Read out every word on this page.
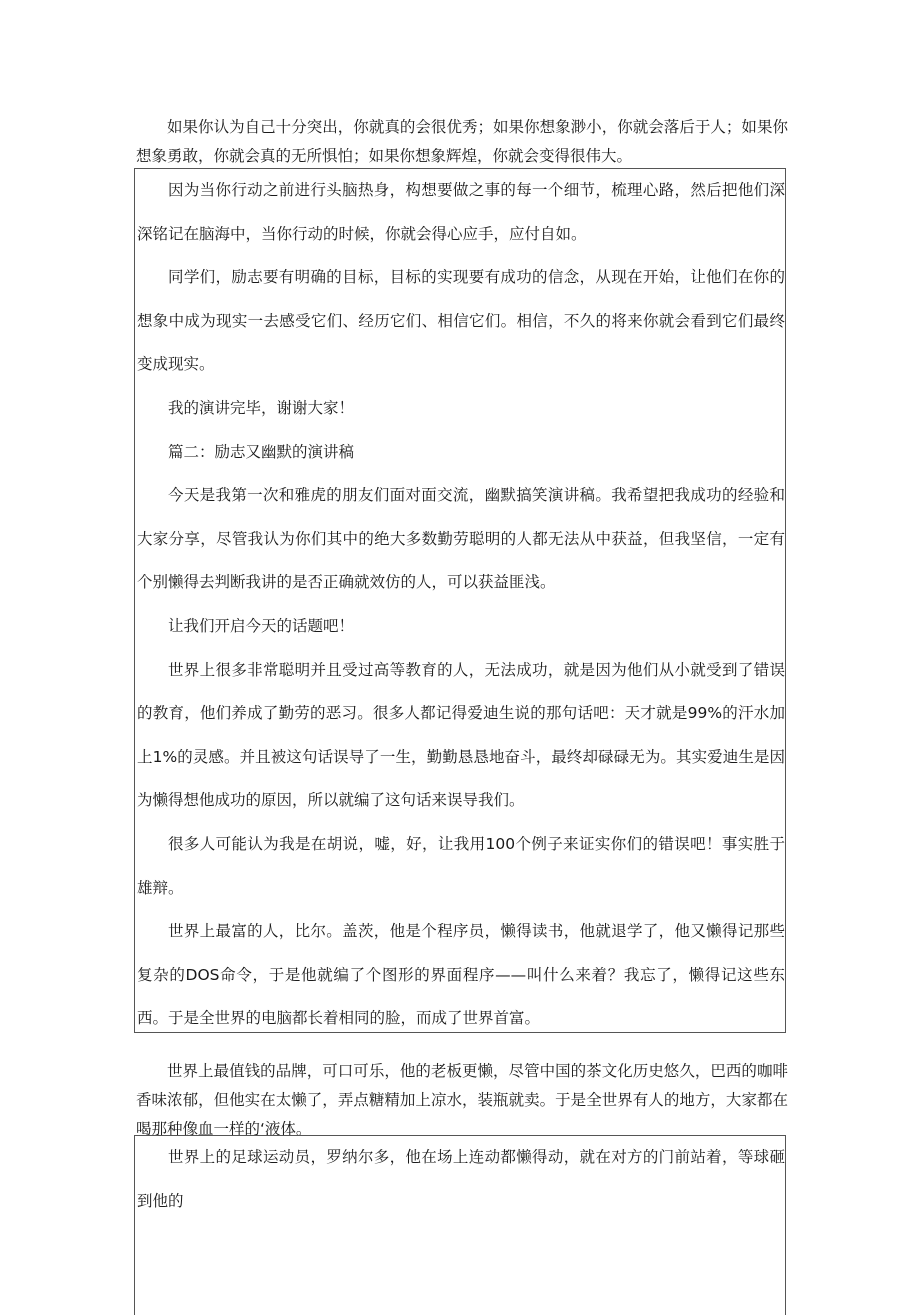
如果你认为自己十分突出，你就真的会很优秀；如果你想象渺小，你就会落后于人；如果你想象勇敢，你就会真的无所惧怕；如果你想象辉煌，你就会变得很伟大。

因为当你行动之前进行头脑热身，构想要做之事的每一个细节，梳理心路，然后把他们深深铭记在脑海中，当你行动的时候，你就会得心应手，应付自如。

同学们，励志要有明确的目标，目标的实现要有成功的信念，从现在开始，让他们在你的想象中成为现实一去感受它们、经历它们、相信它们。相信，不久的将来你就会看到它们最终变成现实。

我的演讲完毕，谢谢大家！

篇二：励志又幽默的演讲稿

今天是我第一次和雅虎的朋友们面对面交流，幽默搞笑演讲稿。我希望把我成功的经验和大家分享，尽管我认为你们其中的绝大多数勤劳聪明的人都无法从中获益，但我坚信，一定有个别懒得去判断我讲的是否正确就效仿的人，可以获益匪浅。

让我们开启今天的话题吧！

世界上很多非常聪明并且受过高等教育的人，无法成功，就是因为他们从小就受到了错误的教育，他们养成了勤劳的恶习。很多人都记得爱迪生说的那句话吧：天才就是99%的汗水加上1%的灵感。并且被这句话误导了一生，勤勤恳恳地奋斗，最终却碌碌无为。其实爱迪生是因为懒得想他成功的原因，所以就编了这句话来误导我们。

很多人可能认为我是在胡说，嘘，好，让我用100个例子来证实你们的错误吧！事实胜于雄辩。

世界上最富的人，比尔。盖茨，他是个程序员，懒得读书，他就退学了，他又懒得记那些复杂的DOS命令，于是他就编了个图形的界面程序——叫什么来着？我忘了，懒得记这些东西。于是全世界的电脑都长着相同的脸，而成了世界首富。

世界上最值钱的品牌，可口可乐，他的老板更懒，尽管中国的茶文化历史悠久，巴西的咖啡香味浓郁，但他实在太懒了，弄点糖精加上凉水，装瓶就卖。于是全世界有人的地方，大家都在喝那种像血一样的‘液体。

世界上的足球运动员，罗纳尔多，他在场上连动都懒得动，就在对方的门前站着，等球砸到他的
